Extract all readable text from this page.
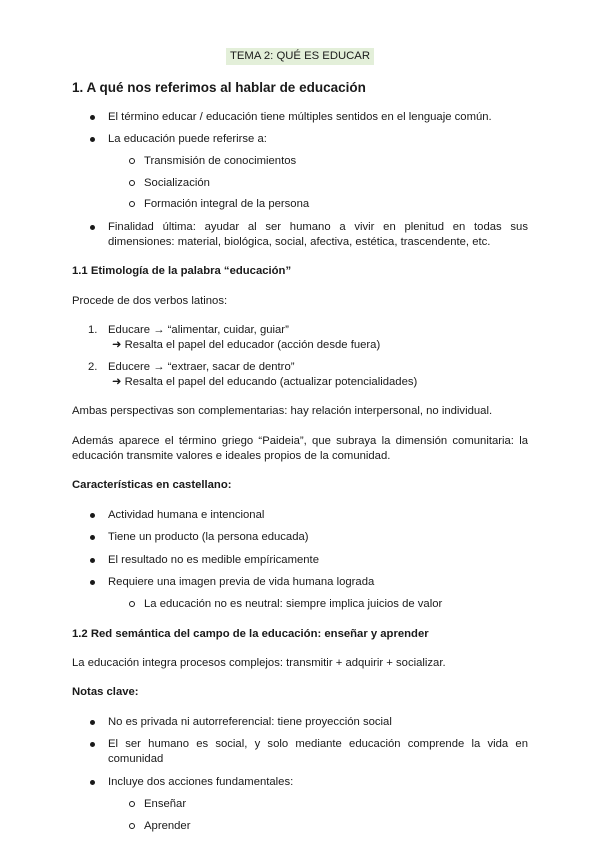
TEMA 2: QUÉ ES EDUCAR
1. A qué nos referimos al hablar de educación
El término educar / educación tiene múltiples sentidos en el lenguaje común.
La educación puede referirse a:
Transmisión de conocimientos
Socialización
Formación integral de la persona
Finalidad última: ayudar al ser humano a vivir en plenitud en todas sus dimensiones: material, biológica, social, afectiva, estética, trascendente, etc.
1.1 Etimología de la palabra “educación”

Procede de dos verbos latinos:

1. Educare → “alimentar, cuidar, guiar”
➜ Resalta el papel del educador (acción desde fuera)
2. Educere → “extraer, sacar de dentro”
➜ Resalta el papel del educando (actualizar potencialidades)

Ambas perspectivas son complementarias: hay relación interpersonal, no individual.

Además aparece el término griego “Paideia”, que subraya la dimensión comunitaria: la educación transmite valores e ideales propios de la comunidad.

Características en castellano:

Actividad humana e intencional
Tiene un producto (la persona educada)
El resultado no es medible empíricamente
Requiere una imagen previa de vida humana lograda
La educación no es neutral: siempre implica juicios de valor
1.2 Red semántica del campo de la educación: enseñar y aprender

La educación integra procesos complejos: transmitir + adquirir + socializar.

Notas clave:

No es privada ni autorreferencial: tiene proyección social
El ser humano es social, y solo mediante educación comprende la vida en comunidad
Incluye dos acciones fundamentales:
Enseñar
Aprender
